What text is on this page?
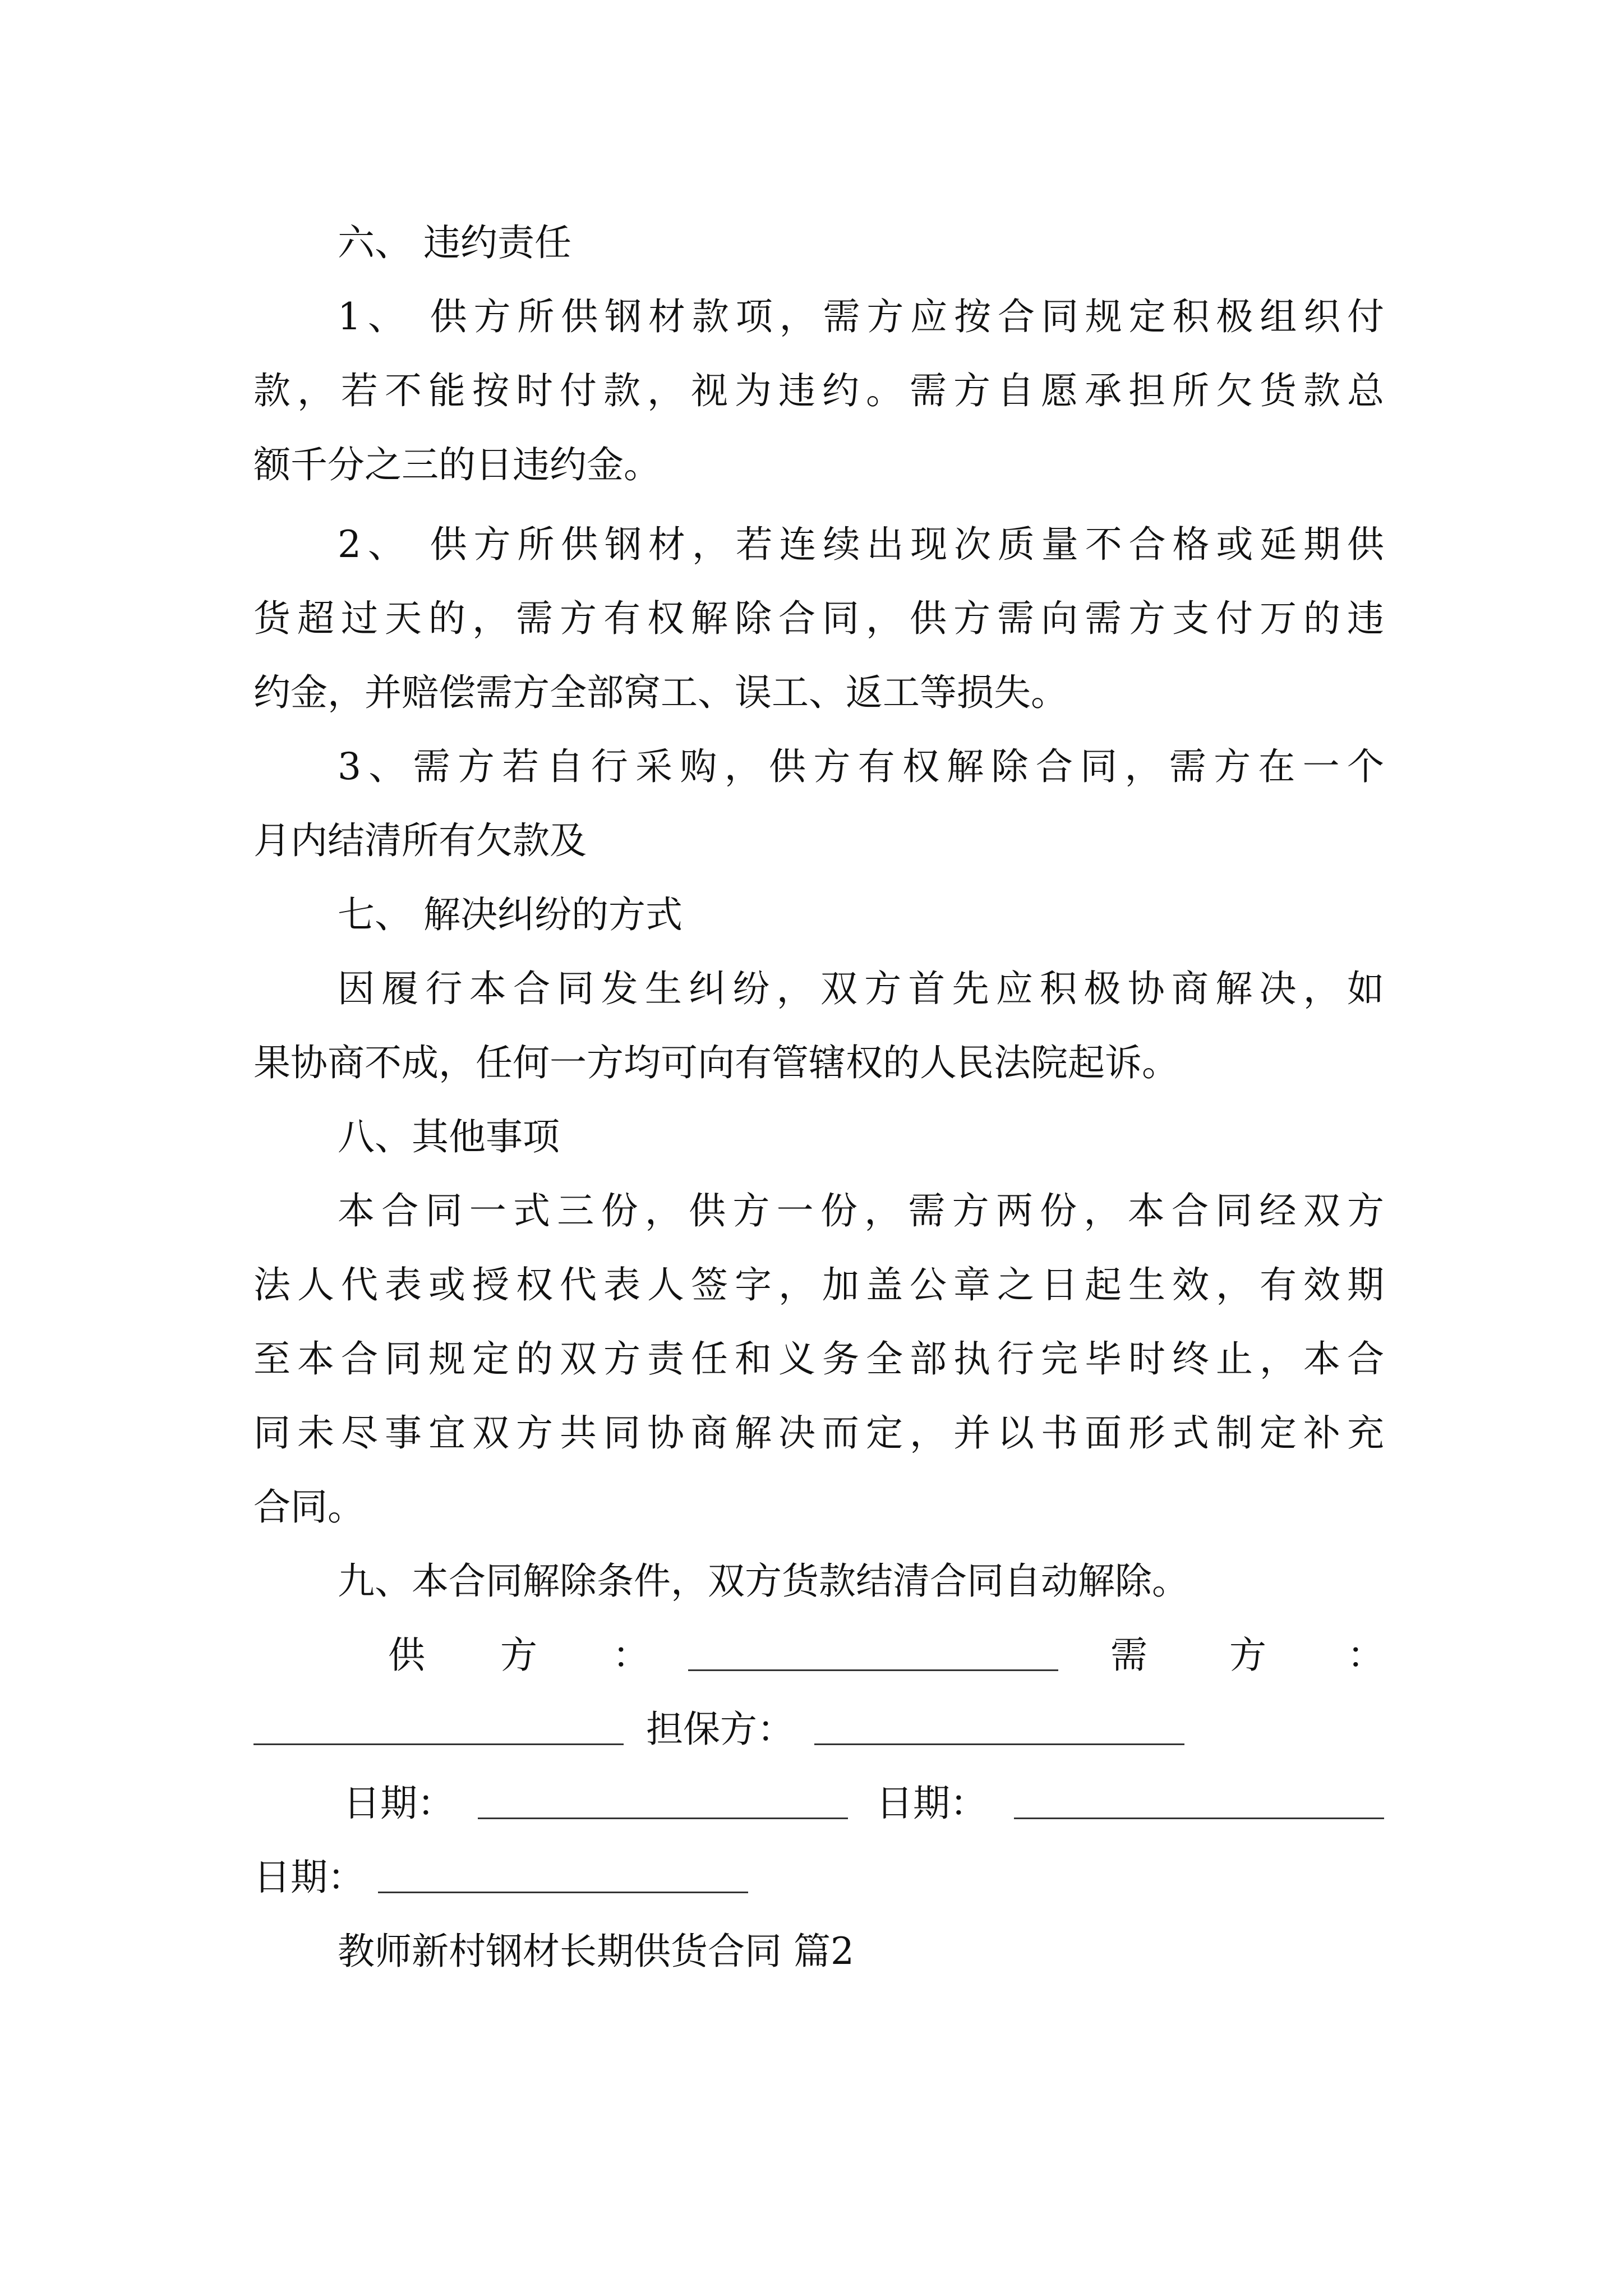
六、 违约责任
1、 供方所供钢材款项，需方应按合同规定积极组织付
款，若不能按时付款，视为违约。需方自愿承担所欠货款总
额千分之三的日违约金。
2、 供方所供钢材，若连续出现次质量不合格或延期供
货超过天的，需方有权解除合同，供方需向需方支付万的违
约金，并赔偿需方全部窝工、误工、返工等损失。
3、需方若自行采购，供方有权解除合同，需方在一个
月内结清所有欠款及
七、 解决纠纷的方式
因履行本合同发生纠纷，双方首先应积极协商解决，如
果协商不成，任何一方均可向有管辖权的人民法院起诉。
八、其他事项
本合同一式三份，供方一份，需方两份，本合同经双方
法人代表或授权代表人签字，加盖公章之日起生效，有效期
至本合同规定的双方责任和义务全部执行完毕时终止，本合
同未尽事宜双方共同协商解决而定，并以书面形式制定补充
合同。
九、本合同解除条件，双方货款结清合同自动解除。
供 方 ：	需 方 ：
担保方：
日期：	日期：
日期：
教师新村钢材长期供货合同 篇2
